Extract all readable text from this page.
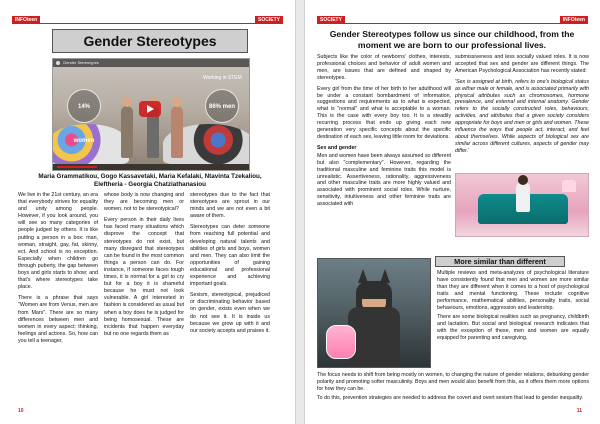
INFOteen	SOCIETY
Gender Stereotypes
Gender Stereotypes
14% women
86% men
Working in STEM
Maria Grammatikou, Gogo Kassavetaki, Maria Kefalaki, Ntavinta Tzekaliou, Eleftheria - Georgia Chatziathanasiou

We live in the 21st century, an era that everybody strives for equality and unity among people. However, if you look around, you will see so many categories of people judged by others. It is like putting a person in a box: man, woman, straight, gay, fat, skinny, ect. And school is no exception. Especially when children go through puberty, the gap between boys and girls starts to show; and that's where stereotypes take place.

There is a phrase that says "Women are from Venus, men are from Mars". There are so many differences between men and women in every aspect: thinking, feelings and actions. So, how can you tell a teenager,

whose body is now changing and they are becoming men or women, not to be stereotypical?

Every person in their daily lives has faced many situations which disprove the concept that stereotypes do not exist, but many disregard that stereotypes can be found in the most common things a person can do. For instance, if someone faces tough times, it is normal for a girl to cry but for a boy it is shameful because he must not look vulnerable. A girl interested in fashion is considered as usual but when a boy does he is judged for being homosexual. These are incidents that happen everyday but no one regards them as

stereotypes due to the fact that stereotypes are sprout in our minds and we are not even a bit aware of them.

Stereotypes can deter someone from reaching full potential and developing natural talents and abilities of girls and boys, women and men. They can also limit the opportunities of gaining educational and professional experience and achieving important goals.

Sexism, stereotypical, prejudiced or discriminating behavior based on gender, exists even when we do not see it. It is inside us because we grow up with it and our society accepts and praises it.

10
SOCIETY	INFOteen
Gender Stereotypes follow us since our childhood, from the moment we are born to our professional lives.

Subjects like the color of newborns' clothes, interests, professional choices and behavior of adult women and men, are issues that are defined and shaped by stereotypes.

Every girl from the time of her birth to her adulthood will be under a constant bombardment of information, suggestions and requirements as to what is expected, what is "normal" and what is acceptable to a woman. This is the case with every boy too. It is a steadily recurring process that ends up giving each new generation very specific concepts about the specific destination of each sex, leaving little room for deviations.

Sex and gender

Men and women have been always assumed so different but also "complementary". However, regarding the traditional masculine and feminine traits this model is unrealistic. Assertiveness, rationality, aggressiveness and other masculine traits are more highly valued and associated with prominent social roles. While nurture, sensitivity, intuitiveness and other feminine traits are associated with

submissiveness and less socially valued roles. It is now accepted that sex and gender are different things. The American Psychological Association has recently stated:

'Sex is assigned at birth, refers to one's biological status as either male or female, and is associated primarily with physical attributes such as chromosomes, hormone prevalence, and external and internal anatomy. Gender refers to the socially constructed roles, behaviours, activities, and attributes that a given society considers appropriate for boys and men or girls and women. These influence the ways that people act, interact, and feel about themselves. While aspects of biological sex are similar across different cultures, aspects of gender may differ.'

More similar than different

Multiple reviews and meta-analyzes of psychological literature have consistently found that men and women are more similar than they are different when it comes to a host of psychological traits and mental functioning. These include cognitive performance, mathematical abilities, personality traits, social behaviours, emotions, aggression and leadership.

There are some biological realities such as pregnancy, childbirth and lactation. But social and biological research indicates that with the exception of these, men and women are equally equipped for parenting and caregiving.

The focus needs to shift from being mostly on women, to changing the nature of gender relations, debunking gender polarity and promoting softer masculinity. Boys and men would also benefit from this, as it offers them more options for how they can be.

To do this, prevention strategies are needed to address the covert and overt sexism that lead to gender inequality.

11
